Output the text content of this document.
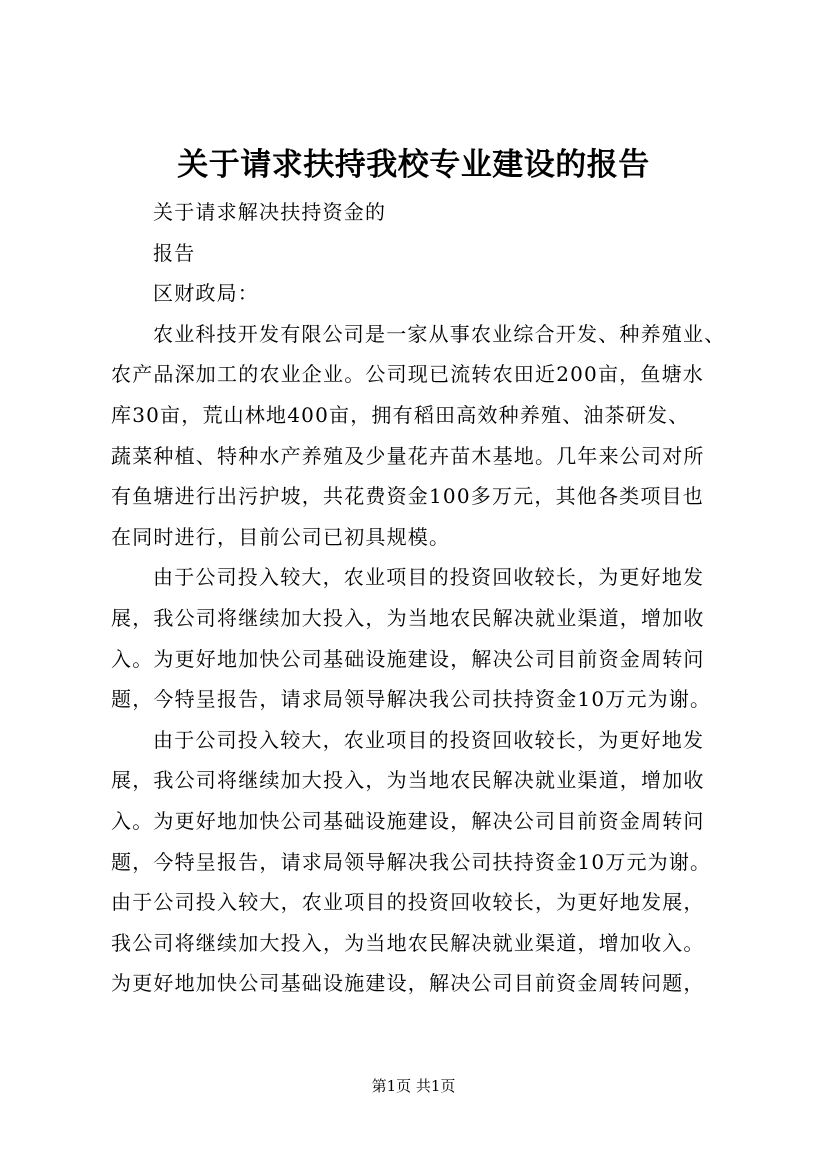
关于请求扶持我校专业建设的报告
关于请求解决扶持资金的
报告
区财政局：
农业科技开发有限公司是一家从事农业综合开发、种养殖业、
农产品深加工的农业企业。公司现已流转农田近200亩，鱼塘水
库30亩，荒山林地400亩，拥有稻田高效种养殖、油茶研发、
蔬菜种植、特种水产养殖及少量花卉苗木基地。几年来公司对所
有鱼塘进行出污护坡，共花费资金100多万元，其他各类项目也
在同时进行，目前公司已初具规模。
由于公司投入较大，农业项目的投资回收较长，为更好地发
展，我公司将继续加大投入，为当地农民解决就业渠道，增加收
入。为更好地加快公司基础设施建设，解决公司目前资金周转问
题，今特呈报告，请求局领导解决我公司扶持资金10万元为谢。
由于公司投入较大，农业项目的投资回收较长，为更好地发
展，我公司将继续加大投入，为当地农民解决就业渠道，增加收
入。为更好地加快公司基础设施建设，解决公司目前资金周转问
题，今特呈报告，请求局领导解决我公司扶持资金10万元为谢。
由于公司投入较大，农业项目的投资回收较长，为更好地发展，
我公司将继续加大投入，为当地农民解决就业渠道，增加收入。
为更好地加快公司基础设施建设，解决公司目前资金周转问题，
第1页 共1页
